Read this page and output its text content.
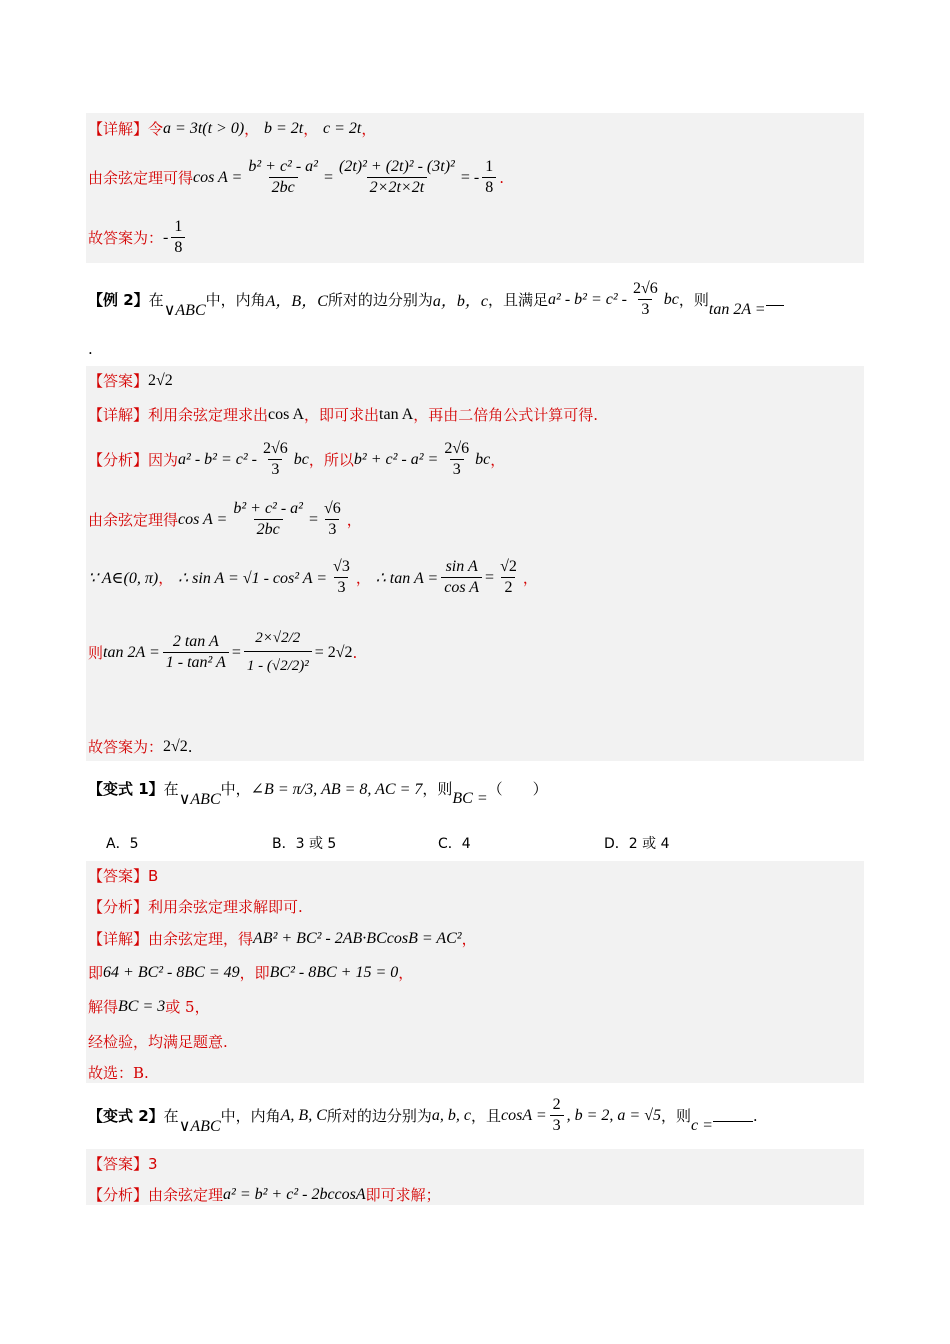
【详解】 令 a = 3t(t > 0) ， b = 2t ， c = 2t ，
由余弦定理可得 $\cos A = \frac{\text{b² + c² - a²}}{2bc} = \frac{\text{(2t)² + (2t)² - (3t)²}}{2\times 2t\times 2t}$ = - $\frac{1}{8}$ .
故答案为： - $\frac{1}{8}$
【例 2】 在
∨ABC
中，内角 A，B，C 所对的边分别为 a，b，c ，且满足 $a^2 - b^2 = c^2 - \frac{2√6}{3}$ bc ，则 tan 2A =
.
【答案】 2√2
【详解】 利用余弦定理求出 cos A ，即可求出 tan A ，再由二倍角公式计算可得.
【分析】 因为 $a^2 - b^2 = c^2 - \frac{2√6}{3}$ bc ，所以 $b^2 + c^2 - a^2 = \frac{2√6}{3}$ bc ，
由余弦定理得 $\cos A = \frac{\text{b² + c² - a²}}{2bc} = \frac{√6}{3}$ ，
∵ A∈(0, π) ， ∴ sin A = √1 - cos² $A = \frac{√3}{3}$ ， ∴ $\tan A = \frac{\text{sin A}}{\text{cos A}} = \frac{√2}{2}$ ，
则 $\tan 2A = \frac{\text{2 tan A}}{\text{1 - tan² A}} = \frac{2\times√2/2}{\text{1 - (√2/2)²}} = 2√2$ .
故答案为： 2√2 .
【变式 1】 在
∨ABC
中， ∠B = π/3, AB = 8, AC = 7 ，则 BC = （　　）
A．5	B．3 或 5	C．4	D．2 或 4
【答案】 B
【分析】 利用余弦定理求解即可.
【详解】 由余弦定理，得 AB² + BC² - 2AB·BCcosB = AC² ，
即 64 + BC² - 8BC = 49 ，即 BC² - 8BC + 15 = 0 ，
解得 BC = 3 或 5，
经检验，均满足题意.
故选：B.
【变式 2】 在
∨ABC
中，内角 A, B, C 所对的边分别为 a, b, c ，且 $\cos A = \frac{2}{3}$ , b = 2, a = √5 ，则 c =
.
【答案】 3
【分析】 由余弦定理 a² = b² + c² - 2bccosA 即可求解；
